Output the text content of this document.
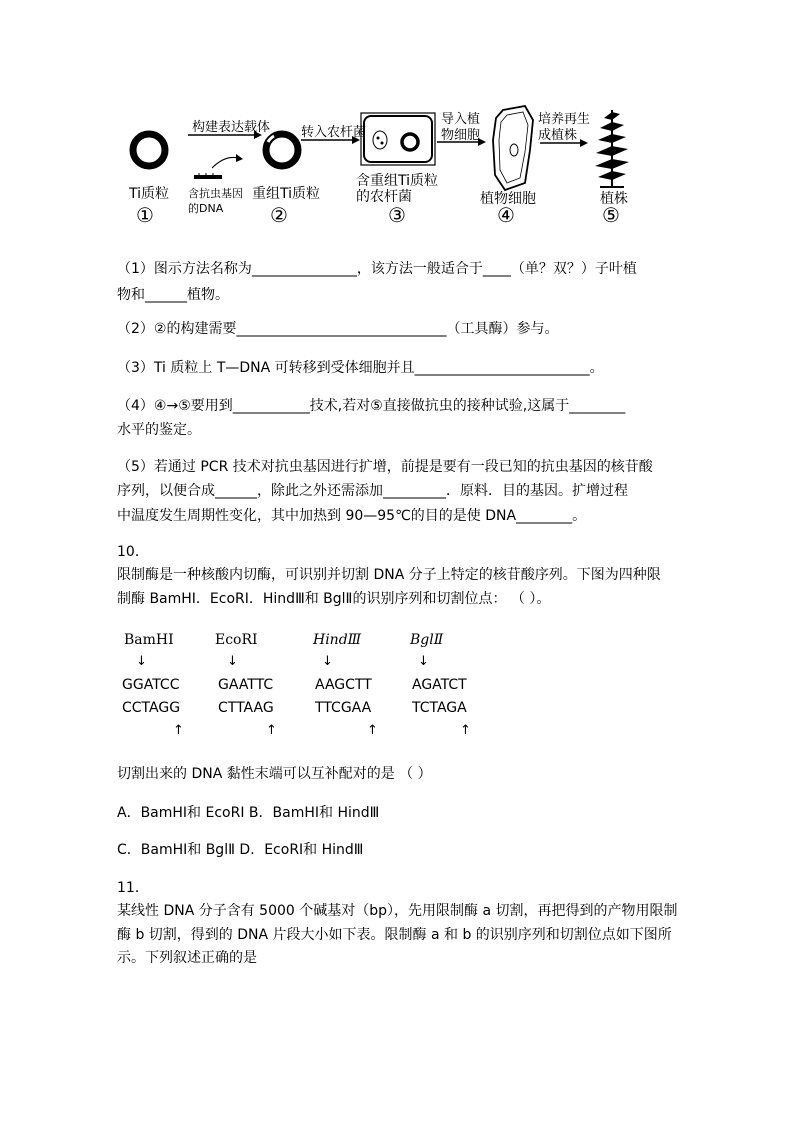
构建表达载体 转入农杆菌
导入植
物细胞
培养再生
成植株
含抗虫基因
的DNA
Ti质粒
①
重组Ti质粒
②
含重组Ti质粒
的农杆菌
③
植物细胞
④
植株
⑤
（1）图示方法名称为_______________，该方法一般适合于____（单？双？）子叶植
物和______植物。
（2）②的构建需要______________________________（工具酶）参与。
（3）Ti 质粒上 T—DNA 可转移到受体细胞并且_________________________。
（4）④→⑤要用到___________技术,若对⑤直接做抗虫的接种试验,这属于________
水平的鉴定。
（5）若通过 PCR 技术对抗虫基因进行扩增，前提是要有一段已知的抗虫基因的核苷酸
序列，以便合成______，除此之外还需添加_________．原料．目的基因。扩增过程
中温度发生周期性变化，其中加热到 90—95℃的目的是使 DNA________。
10．
限制酶是一种核酸内切酶，可识别并切割 DNA 分子上特定的核苷酸序列。下图为四种限
制酶 BamHⅠ．EcoRⅠ．HindⅢ和 BglⅡ的识别序列和切割位点： （ ）。
BamHⅠ	EcoRⅠ	HindⅢ	BglⅡ
↓	↓	↓	↓
GGATCC	GAATTC	AAGCTT	AGATCT
CCTAGG	CTTAAG	TTCGAA	TCTAGA
↑	↑	↑	↑
切割出来的 DNA 黏性末端可以互补配对的是 （ ）
A．BamHⅠ和 EcoRⅠ B．BamHⅠ和 HindⅢ
C．BamHⅠ和 BglⅡ D．EcoRⅠ和 HindⅢ
11．
某线性 DNA 分子含有 5000 个碱基对（bp），先用限制酶 a 切割，再把得到的产物用限制
酶 b 切割，得到的 DNA 片段大小如下表。限制酶 a 和 b 的识别序列和切割位点如下图所
示。下列叙述正确的是
